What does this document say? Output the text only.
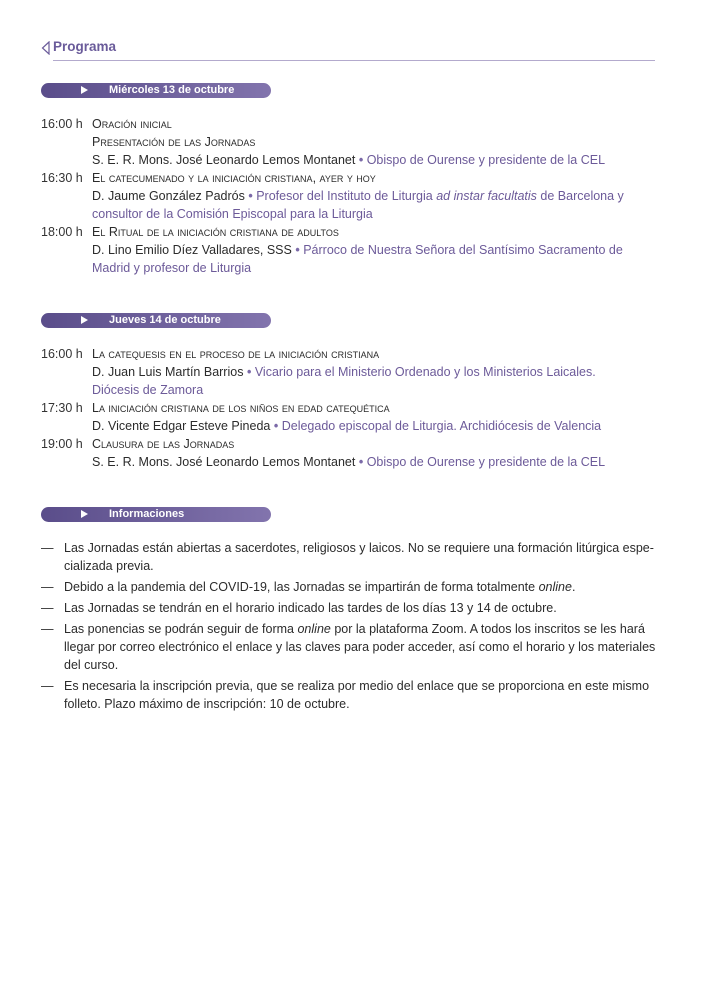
Programa
Miércoles 13 de octubre
16:00 h Oración inicial
Presentación de las Jornadas
S. E. R. Mons. José Leonardo Lemos Montanet • Obispo de Ourense y presidente de la CEL
16:30 h El catecumenado y la iniciación cristiana, ayer y hoy
D. Jaume González Padrós • Profesor del Instituto de Liturgia ad instar facultatis de Barcelona y
consultor de la Comisión Episcopal para la Liturgia
18:00 h El Ritual de la iniciación cristiana de adultos
D. Lino Emilio Díez Valladares, SSS • Párroco de Nuestra Señora del Santísimo Sacramento de
Madrid y profesor de Liturgia
Jueves 14 de octubre
16:00 h La catequesis en el proceso de la iniciación cristiana
D. Juan Luis Martín Barrios • Vicario para el Ministerio Ordenado y los Ministerios Laicales.
Diócesis de Zamora
17:30 h La iniciación cristiana de los niños en edad catequética
D. Vicente Edgar Esteve Pineda • Delegado episcopal de Liturgia. Archidiócesis de Valencia
19:00 h Clausura de las Jornadas
S. E. R. Mons. José Leonardo Lemos Montanet • Obispo de Ourense y presidente de la CEL
Informaciones
— Las Jornadas están abiertas a sacerdotes, religiosos y laicos. No se requiere una formación litúrgica espe-
cializada previa.
— Debido a la pandemia del COVID-19, las Jornadas se impartirán de forma totalmente online.
— Las Jornadas se tendrán en el horario indicado las tardes de los días 13 y 14 de octubre.
— Las ponencias se podrán seguir de forma online por la plataforma Zoom. A todos los inscritos se les hará
llegar por correo electrónico el enlace y las claves para poder acceder, así como el horario y los materiales
del curso.
— Es necesaria la inscripción previa, que se realiza por medio del enlace que se proporciona en este mismo
folleto. Plazo máximo de inscripción: 10 de octubre.
